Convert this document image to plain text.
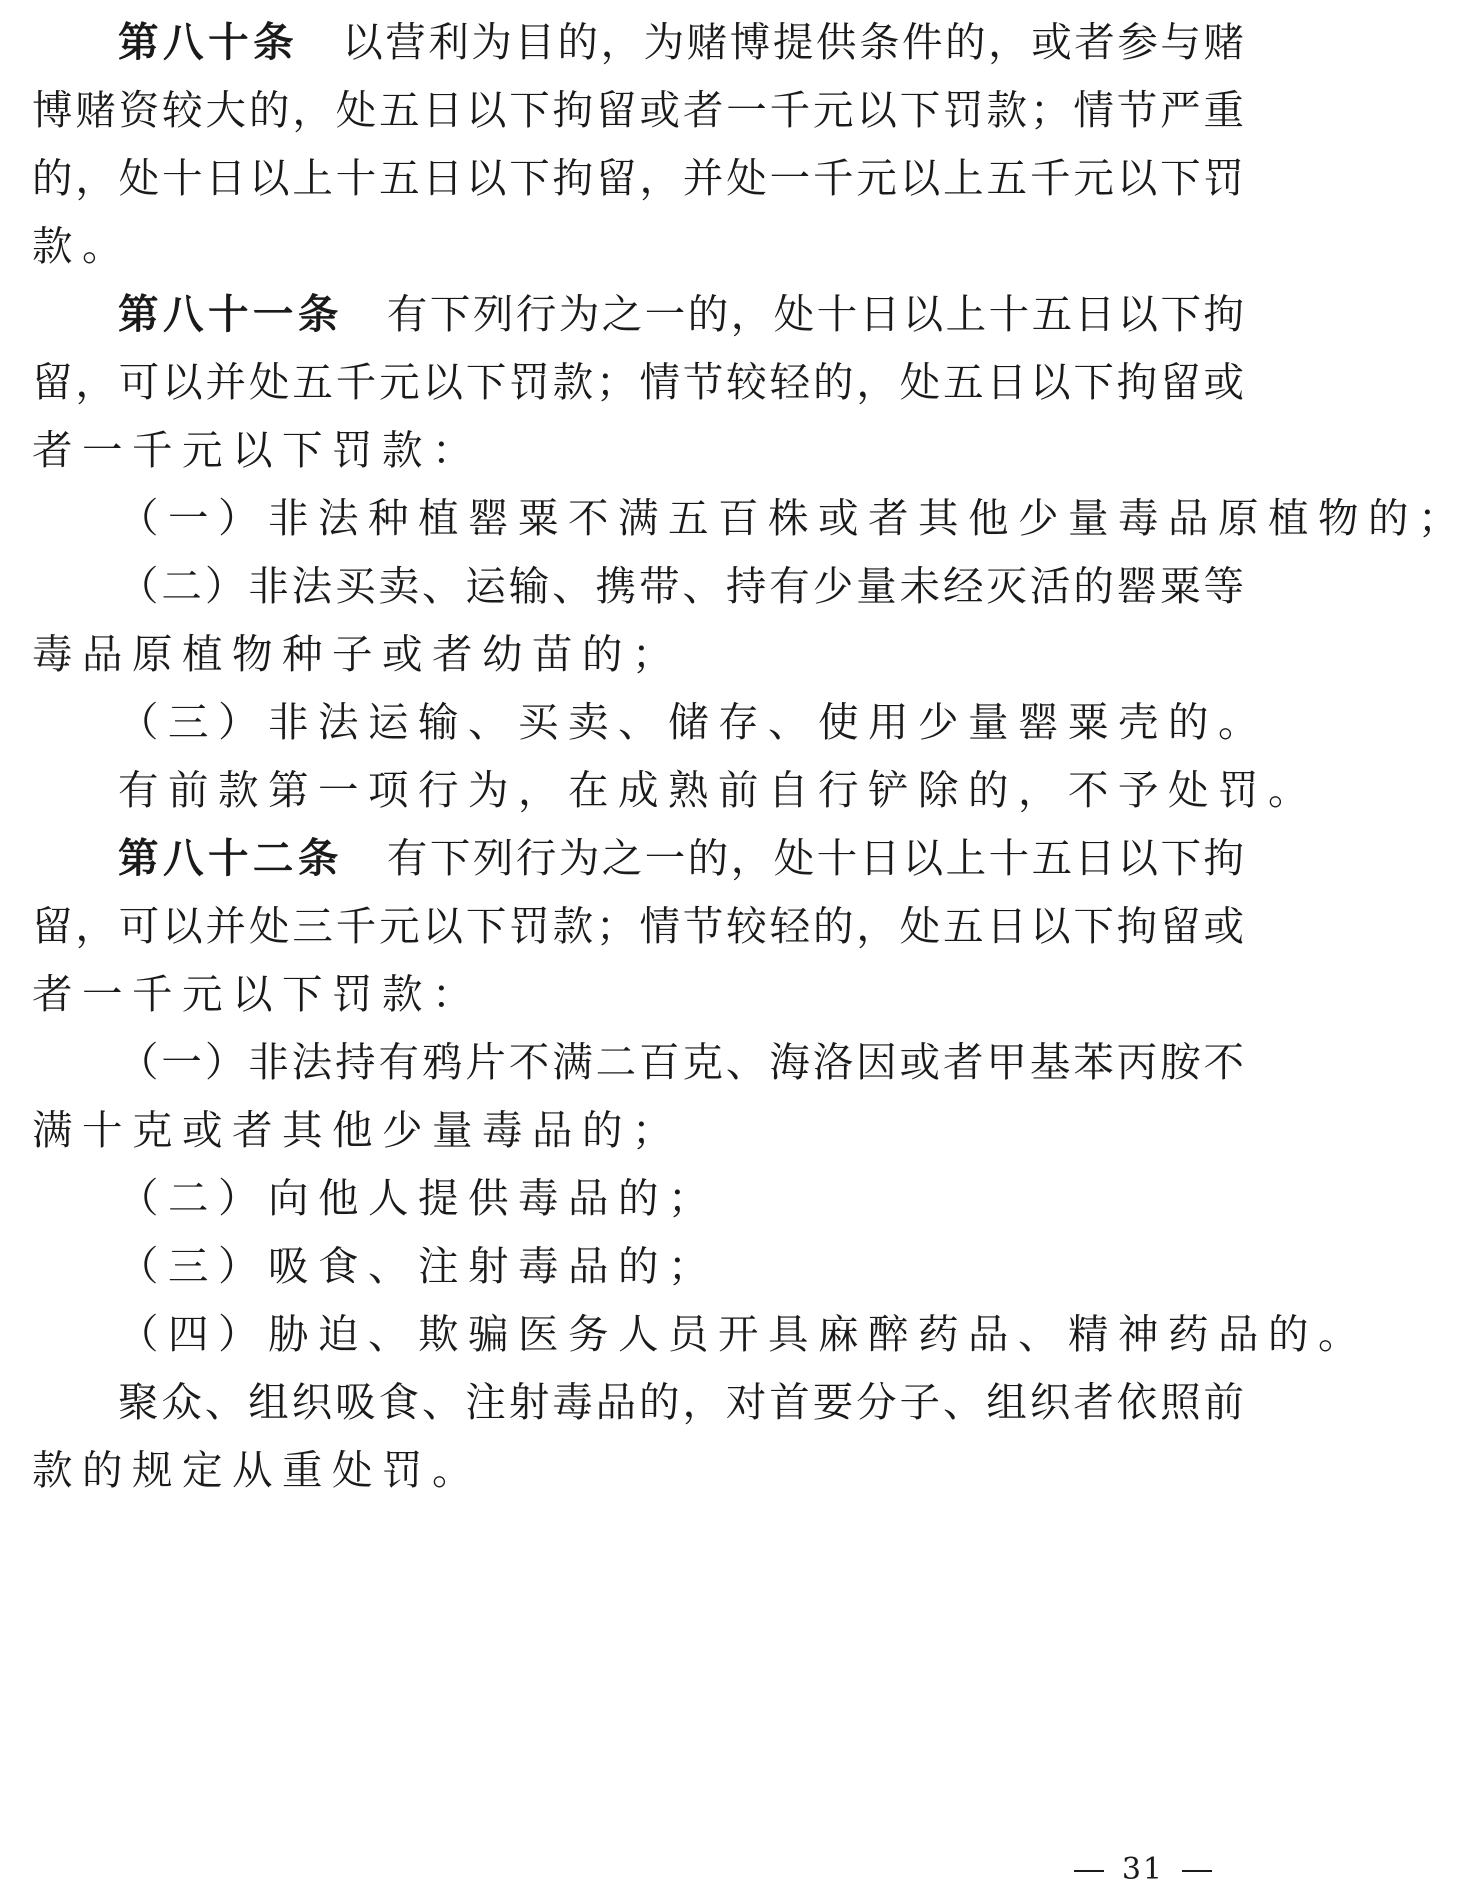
第八十条 以营利为目的，为赌博提供条件的，或者参与赌
博赌资较大的，处五日以下拘留或者一千元以下罚款；情节严重
的，处十日以上十五日以下拘留，并处一千元以上五千元以下罚
款。
第八十一条 有下列行为之一的，处十日以上十五日以下拘
留，可以并处五千元以下罚款；情节较轻的，处五日以下拘留或
者一千元以下罚款：
（一）非法种植罂粟不满五百株或者其他少量毒品原植物的；
（二）非法买卖、运输、携带、持有少量未经灭活的罂粟等
毒品原植物种子或者幼苗的；
（三）非法运输、买卖、储存、使用少量罂粟壳的。
有前款第一项行为，在成熟前自行铲除的，不予处罚。
第八十二条 有下列行为之一的，处十日以上十五日以下拘
留，可以并处三千元以下罚款；情节较轻的，处五日以下拘留或
者一千元以下罚款：
（一）非法持有鸦片不满二百克、海洛因或者甲基苯丙胺不
满十克或者其他少量毒品的；
（二）向他人提供毒品的；
（三）吸食、注射毒品的；
（四）胁迫、欺骗医务人员开具麻醉药品、精神药品的。
聚众、组织吸食、注射毒品的，对首要分子、组织者依照前
款的规定从重处罚。
31
